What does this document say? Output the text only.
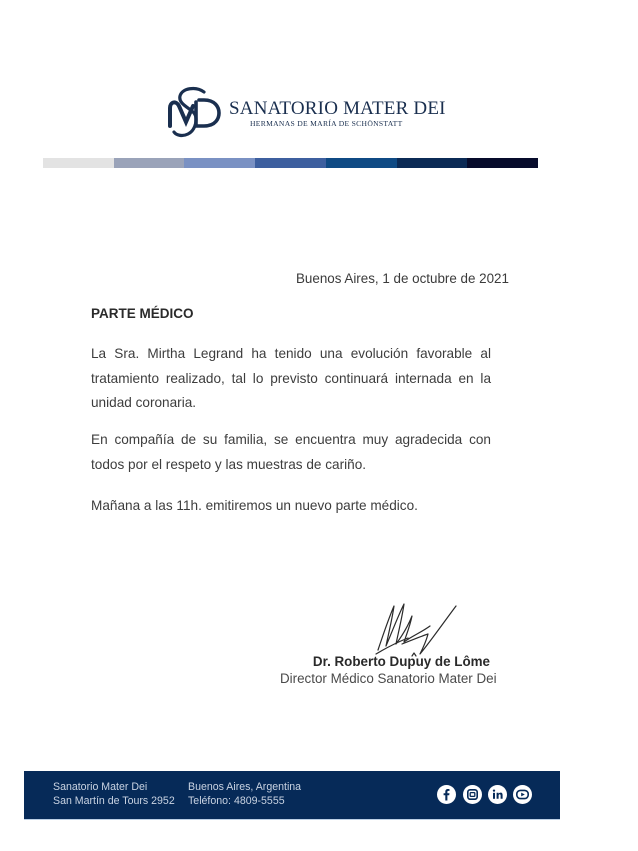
SANATORIO MATER DEI
HERMANAS DE MARÍA DE SCHÖNSTATT
Buenos Aires, 1 de octubre de 2021
PARTE MÉDICO

La Sra. Mirtha Legrand ha tenido una evolución favorable al tratamiento realizado, tal lo previsto continuará internada en la unidad coronaria.

En compañía de su familia, se encuentra muy agradecida con todos por el respeto y las muestras de cariño.

Mañana a las 11h. emitiremos un nuevo parte médico.

Dr. Roberto Dupuy de Lôme
Director Médico Sanatorio Mater Dei
Sanatorio Mater Dei
San Martín de Tours 2952
Buenos Aires, Argentina
Teléfono: 4809-5555
